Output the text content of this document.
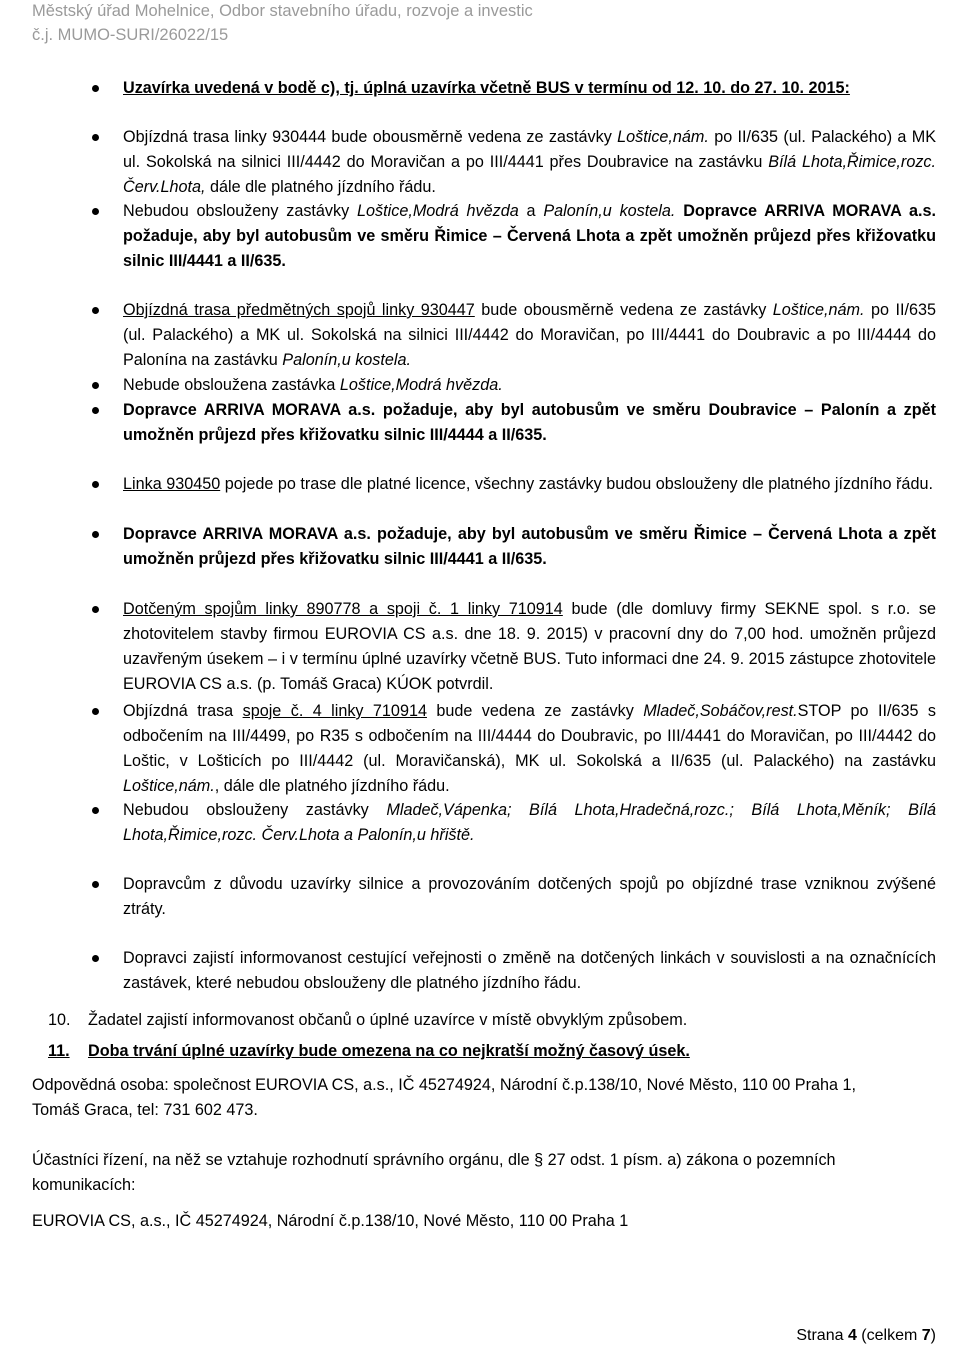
Městský úřad Mohelnice, Odbor stavebního úřadu, rozvoje a investic
č.j. MUMO-SURI/26022/15
Uzavírka uvedená v bodě c), tj. úplná uzavírka včetně BUS v termínu od 12. 10. do 27. 10. 2015:
Objízdná trasa linky 930444 bude obousměrně vedena ze zastávky Loštice,nám. po II/635 (ul. Palackého) a MK ul. Sokolská na silnici III/4442 do Moravičan a po III/4441 přes Doubravice na zastávku Bílá Lhota,Řimice,rozc. Červ.Lhota, dále dle platného jízdního řádu.
Nebudou obslouženy zastávky Loštice,Modrá hvězda a Palonín,u kostela. Dopravce ARRIVA MORAVA a.s. požaduje, aby byl autobusům ve směru Řimice – Červená Lhota a zpět umožněn průjezd přes křižovatku silnic III/4441 a II/635.
Objízdná trasa předmětných spojů linky 930447 bude obousměrně vedena ze zastávky Loštice,nám. po II/635 (ul. Palackého) a MK ul. Sokolská na silnici III/4442 do Moravičan, po III/4441 do Doubravic a po III/4444 do Palonína na zastávku Palonín,u kostela.
Nebude obsloužena zastávka Loštice,Modrá hvězda.
Dopravce ARRIVA MORAVA a.s. požaduje, aby byl autobusům ve směru Doubravice – Palonín a zpět umožněn průjezd přes křižovatku silnic III/4444 a II/635.
Linka 930450 pojede po trase dle platné licence, všechny zastávky budou obslouženy dle platného jízdního řádu.
Dopravce ARRIVA MORAVA a.s. požaduje, aby byl autobusům ve směru Řimice – Červená Lhota a zpět umožněn průjezd přes křižovatku silnic III/4441 a II/635.
Dotčeným spojům linky 890778 a spoji č. 1 linky 710914 bude (dle domluvy firmy SEKNE spol. s r.o. se zhotovitelem stavby firmou EUROVIA CS a.s. dne 18. 9. 2015) v pracovní dny do 7,00 hod. umožněn průjezd uzavřeným úsekem – i v termínu úplné uzavírky včetně BUS. Tuto informaci dne 24. 9. 2015 zástupce zhotovitele EUROVIA CS a.s. (p. Tomáš Graca) KÚOK potvrdil.
Objízdná trasa spoje č. 4 linky 710914 bude vedena ze zastávky Mladeč,Sobáčov,rest.STOP po II/635 s odbočením na III/4499, po R35 s odbočením na III/4444 do Doubravic, po III/4441 do Moravičan, po III/4442 do Loštic, v Lošticích po III/4442 (ul. Moravičanská), MK ul. Sokolská a II/635 (ul. Palackého) na zastávku Loštice,nám., dále dle platného jízdního řádu.
Nebudou obslouženy zastávky Mladeč,Vápenka; Bílá Lhota,Hradečná,rozc.; Bílá Lhota,Měník; Bílá Lhota,Řimice,rozc. Červ.Lhota a Palonín,u hřiště.
Dopravcům z důvodu uzavírky silnice a provozováním dotčených spojů po objízdné trase vzniknou zvýšené ztráty.
Dopravci zajistí informovanost cestující veřejnosti o změně na dotčených linkách v souvislosti a na označnících zastávek, které nebudou obslouženy dle platného jízdního řádu.
10. Žadatel zajistí informovanost občanů o úplné uzavírce v místě obvyklým způsobem.
11. Doba trvání úplné uzavírky bude omezena na co nejkratší možný časový úsek.
Odpovědná osoba: společnost EUROVIA CS, a.s., IČ 45274924, Národní č.p.138/10, Nové Město, 110 00 Praha 1, Tomáš Graca, tel: 731 602 473.
Účastníci řízení, na něž se vztahuje rozhodnutí správního orgánu, dle § 27 odst. 1 písm. a) zákona o pozemních komunikacích:
EUROVIA CS, a.s., IČ 45274924, Národní č.p.138/10, Nové Město, 110 00 Praha 1
Strana 4 (celkem 7)
